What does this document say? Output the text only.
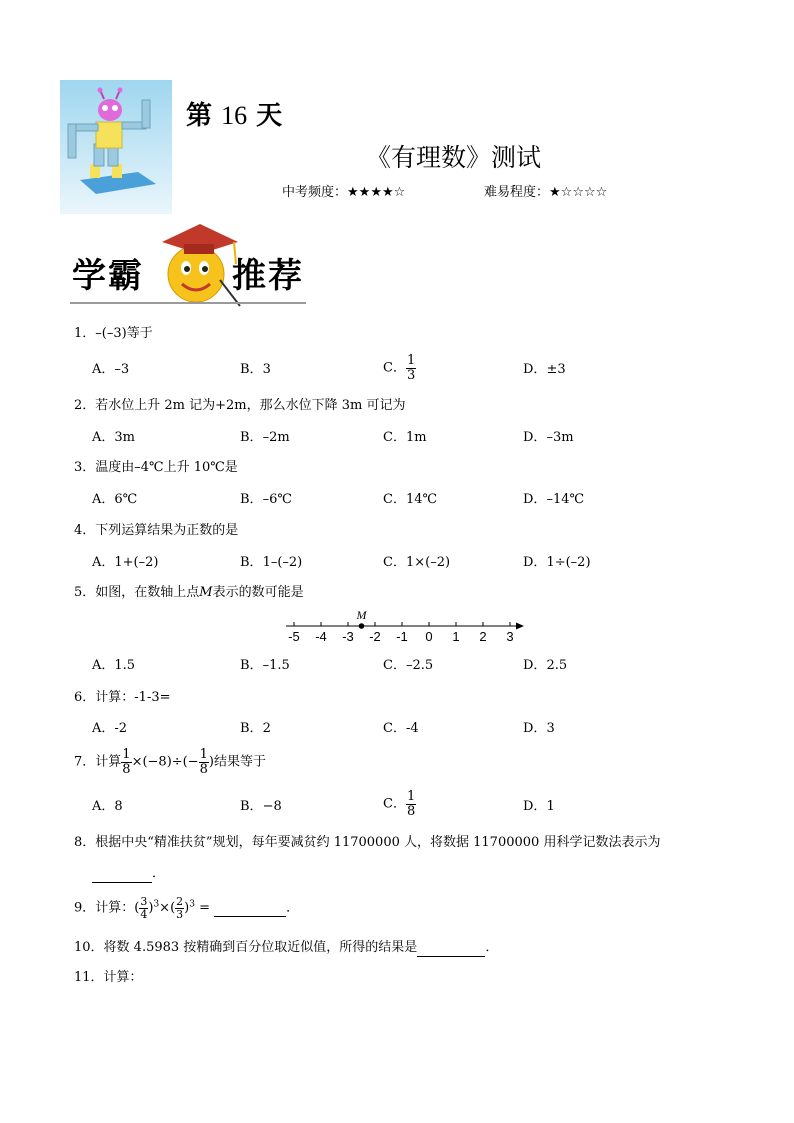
第 16 天
《有理数》测试
中考频度：★★★★☆	难易程度：★☆☆☆☆
学霸	推荐
1．–(–3)等于
A．–3	B．3	C． $\frac{1}{3}$	D．±3
2．若水位上升 2m 记为+2m，那么水位下降 3m 可记为
A．3m	B．–2m	C．1m	D．–3m
3．温度由–4℃上升 10℃是
A．6℃	B．–6℃	C．14℃	D．–14℃
4．下列运算结果为正数的是
A．1+(–2)	B．1–(–2)	C．1×(–2)	D．1÷(–2)
5．如图，在数轴上点M表示的数可能是
-5 -4 -3 -2 -1 0 1 2 3
M
A．1.5	B．–1.5	C．–2.5	D．2.5
6．计算：-1-3=
A．-2	B．2	C．-4	D．3
7．计算 $\frac{1}{8} \times(-8)\div(- \frac{1}{8}$ )结果等于
A．8	B．−8	C． $\frac{1}{8}$	D．1
8．根据中央“精准扶贫”规划，每年要减贫约 11700000 人，将数据 11700000 用科学记数法表示为
．
9．计算：( $\frac{3}{4} )^3\times( \frac{2}{3} )^3$ =	．
10．将数 4.5983 按精确到百分位取近似值，所得的结果是	．
11．计算：
